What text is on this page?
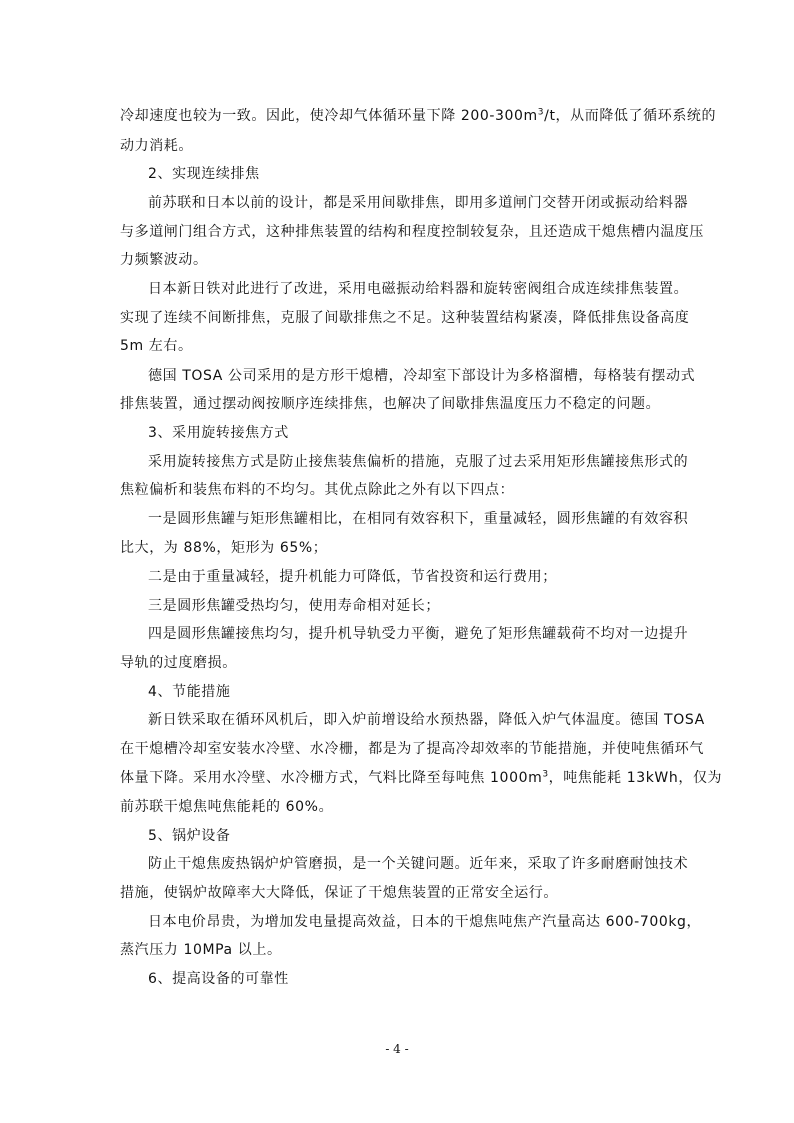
冷却速度也较为一致。因此，使冷却气体循环量下降 $200-300m^3/t$，从而降低了循环系统的
动力消耗。
2、实现连续排焦
前苏联和日本以前的设计，都是采用间歇排焦，即用多道闸门交替开闭或振动给料器
与多道闸门组合方式，这种排焦装置的结构和程度控制较复杂，且还造成干熄焦槽内温度压
力频繁波动。
日本新日铁对此进行了改进，采用电磁振动给料器和旋转密阀组合成连续排焦装置。
实现了连续不间断排焦，克服了间歇排焦之不足。这种装置结构紧凑，降低排焦设备高度
5m 左右。
德国 TOSA 公司采用的是方形干熄槽，冷却室下部设计为多格溜槽，每格装有摆动式
排焦装置，通过摆动阀按顺序连续排焦，也解决了间歇排焦温度压力不稳定的问题。
3、采用旋转接焦方式
采用旋转接焦方式是防止接焦装焦偏析的措施，克服了过去采用矩形焦罐接焦形式的
焦粒偏析和装焦布料的不均匀。其优点除此之外有以下四点：
一是圆形焦罐与矩形焦罐相比，在相同有效容积下，重量减轻，圆形焦罐的有效容积
比大，为 88%，矩形为 65%；
二是由于重量减轻，提升机能力可降低，节省投资和运行费用；
三是圆形焦罐受热均匀，使用寿命相对延长；
四是圆形焦罐接焦均匀，提升机导轨受力平衡，避免了矩形焦罐载荷不均对一边提升
导轨的过度磨损。
4、节能措施
新日铁采取在循环风机后，即入炉前增设给水预热器，降低入炉气体温度。德国 TOSA
在干熄槽冷却室安装水冷壁、水冷栅，都是为了提高冷却效率的节能措施，并使吨焦循环气
体量下降。采用水冷壁、水冷栅方式，气料比降至每吨焦 $1000m^3$，吨焦能耗 13kWh，仅为
前苏联干熄焦吨焦能耗的 60%。
5、锅炉设备
防止干熄焦废热锅炉炉管磨损，是一个关键问题。近年来，采取了许多耐磨耐蚀技术
措施，使锅炉故障率大大降低，保证了干熄焦装置的正常安全运行。
日本电价昂贵，为增加发电量提高效益，日本的干熄焦吨焦产汽量高达 600-700kg，
蒸汽压力 10MPa 以上。
6、提高设备的可靠性
- 4 -
